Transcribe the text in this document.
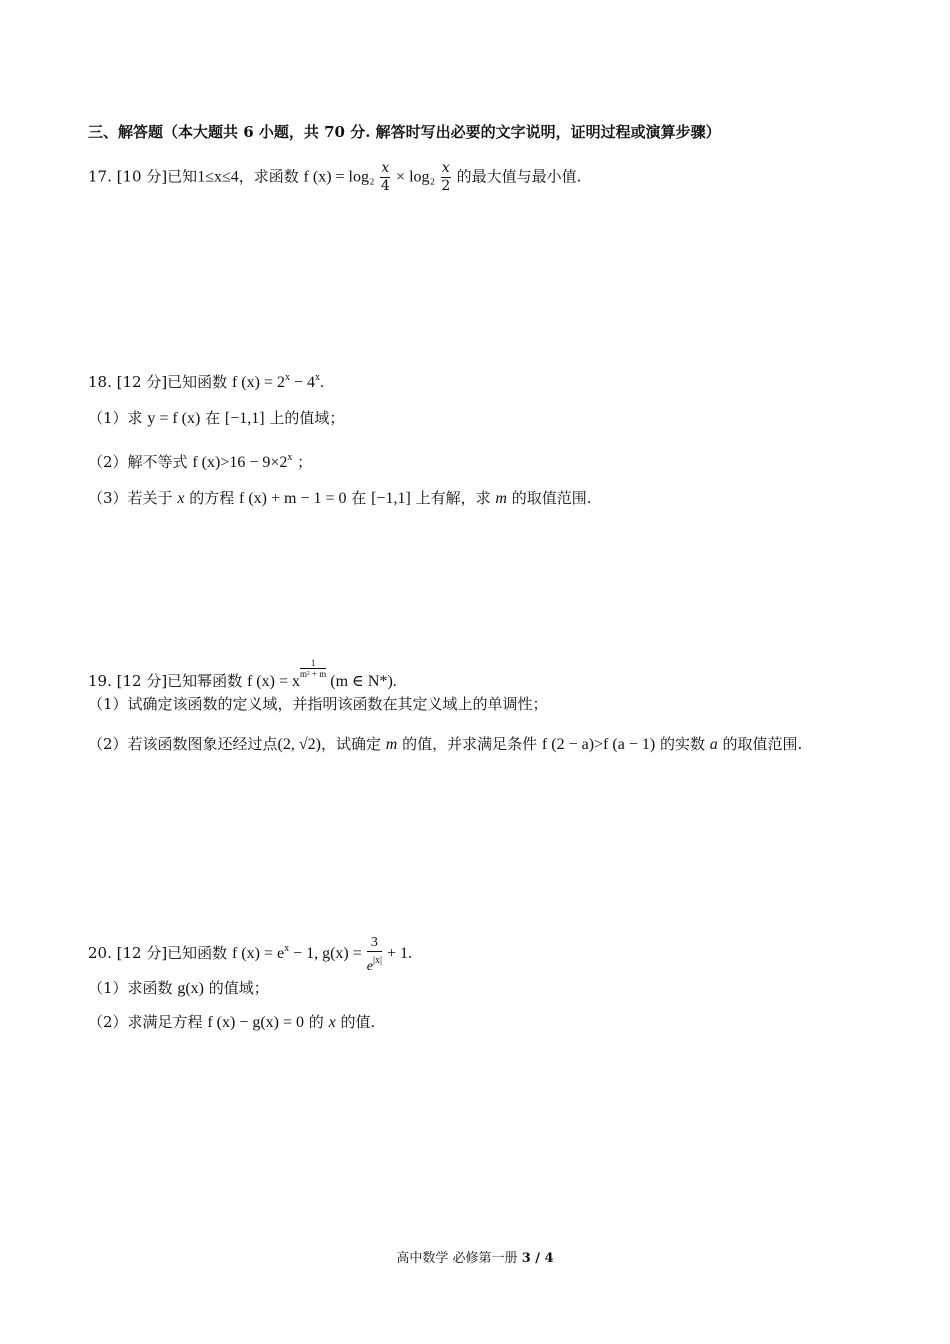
三、解答题（本大题共 6 小题，共 70 分. 解答时写出必要的文字说明，证明过程或演算步骤）
17. [10 分]已知1≤x≤4，求函数 f $(x) = \log_2 \frac{x}{4} \times \log_2 \frac{x}{2}$ 的最大值与最小值.
18. [12 分]已知函数 f $(x) = 2^x - 4^x$.
（1）求 y = f (x) 在 [−1,1] 上的值域；
（2）解不等式 f $(x)>16 - 9\times 2^x$ ；
（3）若关于 x 的方程 f (x) + m − 1 = 0 在 [−1,1] 上有解，求 m 的取值范围.
19. [12 分]已知幂函数 f (x) = x
$\frac{1}{\text{m² + m}} (m$ ∈ N*).
（1）试确定该函数的定义域，并指明该函数在其定义域上的单调性；
（2）若该函数图象还经过点(2, √2)，试确定 m 的值，并求满足条件 f (2 − a)>f (a − 1) 的实数 a 的取值范围.
20. [12 分]已知函数 f $(x) = e^x - 1$, $g(x) = \frac{3}{e^{|x|}} + 1$.
（1）求函数 g(x) 的值域；
（2）求满足方程 f (x) − g(x) = 0 的 x 的值.
高中数学 必修第一册 3 / 4
